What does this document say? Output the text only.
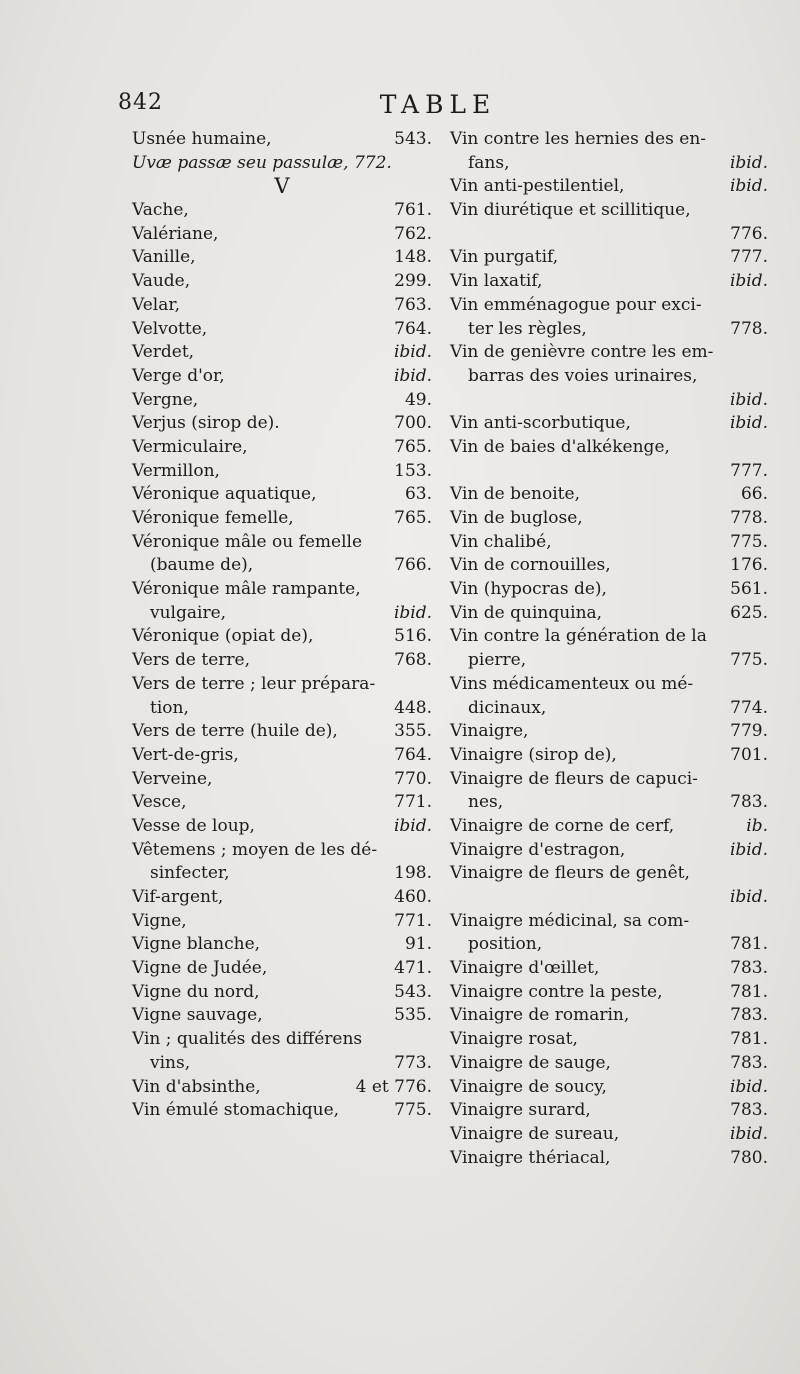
842	TABLE
Usnée humaine,	543.
Uvæ passæ seu passulæ, 772.
V
Vache,	761.
Valériane,	762.
Vanille,	148.
Vaude,	299.
Velar,	763.
Velvotte,	764.
Verdet,	ibid.
Verge d'or,	ibid.
Vergne,	49.
Verjus (sirop de).	700.
Vermiculaire,	765.
Vermillon,	153.
Véronique aquatique,	63.
Véronique femelle,	765.
Véronique mâle ou femelle
(baume de),	766.
Véronique mâle rampante,
vulgaire,	ibid.
Véronique (opiat de),	516.
Vers de terre,	768.
Vers de terre ; leur prépara-
tion,	448.
Vers de terre (huile de),	355.
Vert-de-gris,	764.
Verveine,	770.
Vesce,	771.
Vesse de loup,	ibid.
Vêtemens ; moyen de les dé-
sinfecter,	198.
Vif-argent,	460.
Vigne,	771.
Vigne blanche,	91.
Vigne de Judée,	471.
Vigne du nord,	543.
Vigne sauvage,	535.
Vin ; qualités des différens
vins,	773.
Vin d'absinthe,	4 et 776.
Vin émulé stomachique,	775.
Vin contre les hernies des en-
fans,	ibid.
Vin anti-pestilentiel,	ibid.
Vin diurétique et scillitique,
776.
Vin purgatif,	777.
Vin laxatif,	ibid.
Vin emménagogue pour exci-
ter les règles,	778.
Vin de genièvre contre les em-
barras des voies urinaires,
ibid.
Vin anti-scorbutique,	ibid.
Vin de baies d'alkékenge,
777.
Vin de benoite,	66.
Vin de buglose,	778.
Vin chalibé,	775.
Vin de cornouilles,	176.
Vin (hypocras de),	561.
Vin de quinquina,	625.
Vin contre la génération de la
pierre,	775.
Vins médicamenteux ou mé-
dicinaux,	774.
Vinaigre,	779.
Vinaigre (sirop de),	701.
Vinaigre de fleurs de capuci-
nes,	783.
Vinaigre de corne de cerf,	ib.
Vinaigre d'estragon,	ibid.
Vinaigre de fleurs de genêt,
ibid.
Vinaigre médicinal, sa com-
position,	781.
Vinaigre d'œillet,	783.
Vinaigre contre la peste,	781.
Vinaigre de romarin,	783.
Vinaigre rosat,	781.
Vinaigre de sauge,	783.
Vinaigre de soucy,	ibid.
Vinaigre surard,	783.
Vinaigre de sureau,	ibid.
Vinaigre thériacal,	780.
